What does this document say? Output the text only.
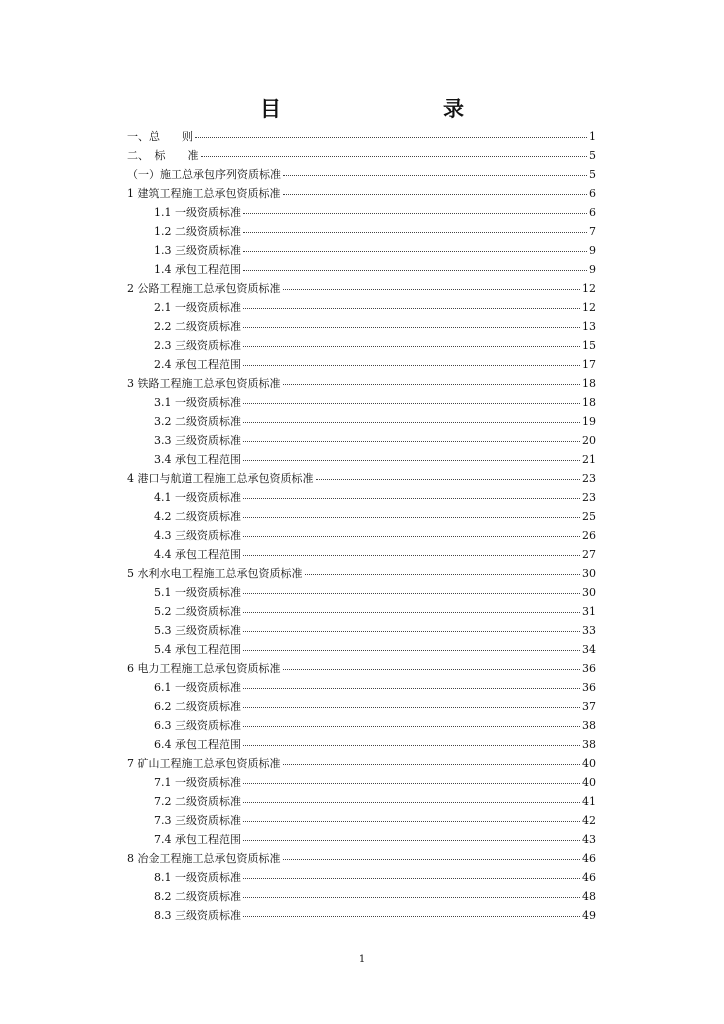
目　　录
一、总　　则	1
二、　标　　准	5
（一）施工总承包序列资质标准	5
1 建筑工程施工总承包资质标准	6
1.1 一级资质标准	6
1.2 二级资质标准	7
1.3 三级资质标准	9
1.4 承包工程范围	9
2 公路工程施工总承包资质标准	12
2.1 一级资质标准	12
2.2 二级资质标准	13
2.3 三级资质标准	15
2.4 承包工程范围	17
3 铁路工程施工总承包资质标准	18
3.1 一级资质标准	18
3.2 二级资质标准	19
3.3 三级资质标准	20
3.4 承包工程范围	21
4 港口与航道工程施工总承包资质标准	23
4.1 一级资质标准	23
4.2 二级资质标准	25
4.3 三级资质标准	26
4.4 承包工程范围	27
5 水利水电工程施工总承包资质标准	30
5.1 一级资质标准	30
5.2 二级资质标准	31
5.3 三级资质标准	33
5.4 承包工程范围	34
6 电力工程施工总承包资质标准	36
6.1 一级资质标准	36
6.2 二级资质标准	37
6.3 三级资质标准	38
6.4 承包工程范围	38
7 矿山工程施工总承包资质标准	40
7.1 一级资质标准	40
7.2 二级资质标准	41
7.3 三级资质标准	42
7.4 承包工程范围	43
8 冶金工程施工总承包资质标准	46
8.1 一级资质标准	46
8.2 二级资质标准	48
8.3 三级资质标准	49
1
